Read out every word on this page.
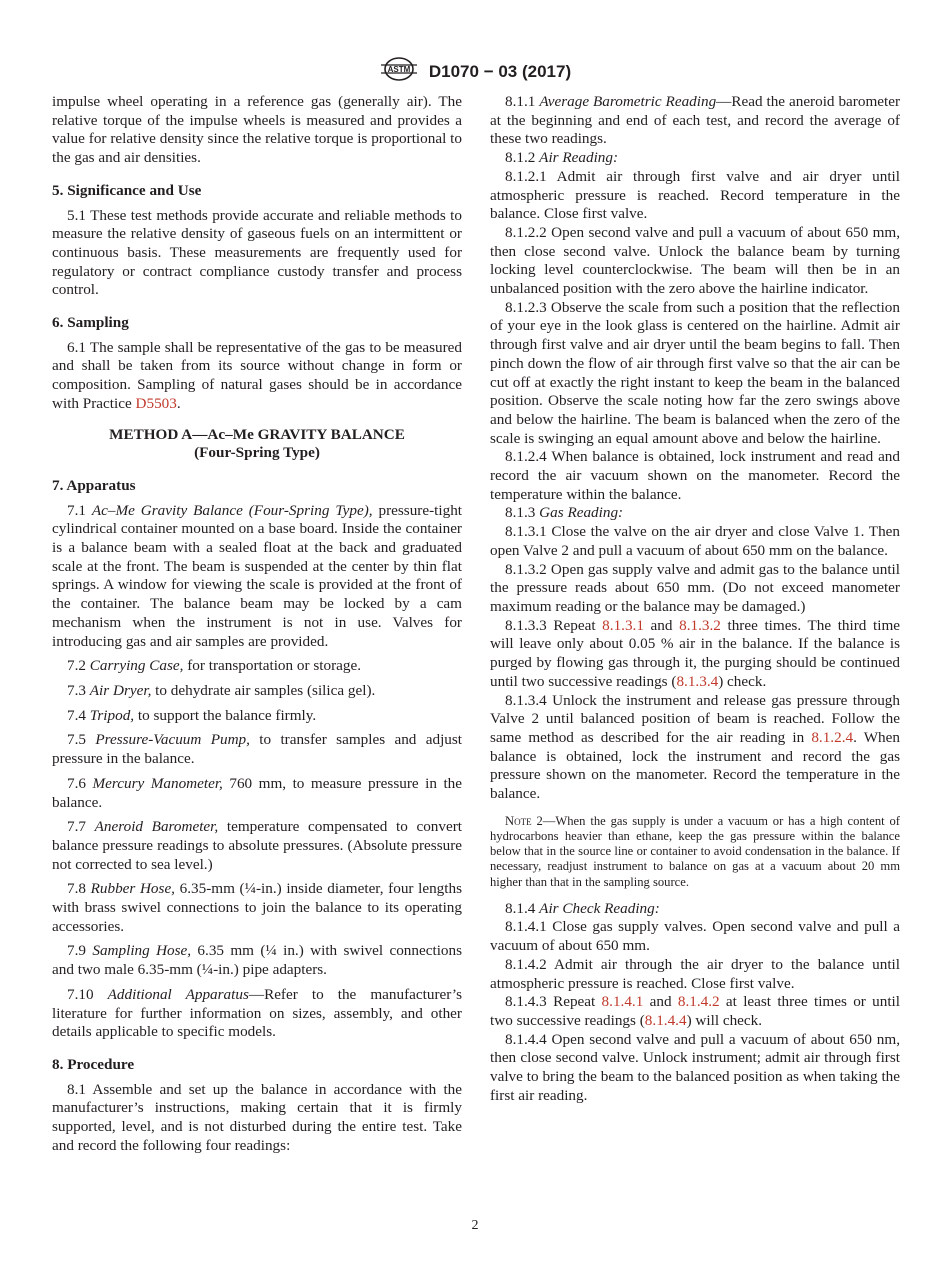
ASTM D1070 − 03 (2017)

impulse wheel operating in a reference gas (generally air). The relative torque of the impulse wheels is measured and provides a value for relative density since the relative torque is proportional to the gas and air densities.

5. Significance and Use

5.1 These test methods provide accurate and reliable methods to measure the relative density of gaseous fuels on an intermittent or continuous basis. These measurements are frequently used for regulatory or contract compliance custody transfer and process control.

6. Sampling

6.1 The sample shall be representative of the gas to be measured and shall be taken from its source without change in form or composition. Sampling of natural gases should be in accordance with Practice D5503.

METHOD A—Ac–Me GRAVITY BALANCE
(Four-Spring Type)
7. Apparatus

7.1 Ac–Me Gravity Balance (Four-Spring Type), pressure-tight cylindrical container mounted on a base board. Inside the container is a balance beam with a sealed float at the back and graduated scale at the front. The beam is suspended at the center by thin flat springs. A window for viewing the scale is provided at the front of the container. The balance beam may be locked by a cam mechanism when the instrument is not in use. Valves for introducing gas and air samples are provided.

7.2 Carrying Case, for transportation or storage.

7.3 Air Dryer, to dehydrate air samples (silica gel).

7.4 Tripod, to support the balance firmly.

7.5 Pressure-Vacuum Pump, to transfer samples and adjust pressure in the balance.

7.6 Mercury Manometer, 760 mm, to measure pressure in the balance.

7.7 Aneroid Barometer, temperature compensated to convert balance pressure readings to absolute pressures. (Absolute pressure not corrected to sea level.)

7.8 Rubber Hose, 6.35-mm (¼-in.) inside diameter, four lengths with brass swivel connections to join the balance to its operating accessories.

7.9 Sampling Hose, 6.35 mm (¼ in.) with swivel connections and two male 6.35-mm (¼-in.) pipe adapters.

7.10 Additional Apparatus—Refer to the manufacturer’s literature for further information on sizes, assembly, and other details applicable to specific models.

8. Procedure

8.1 Assemble and set up the balance in accordance with the manufacturer’s instructions, making certain that it is firmly supported, level, and is not disturbed during the entire test. Take and record the following four readings:

8.1.1 Average Barometric Reading—Read the aneroid barometer at the beginning and end of each test, and record the average of these two readings.

8.1.2 Air Reading:

8.1.2.1 Admit air through first valve and air dryer until atmospheric pressure is reached. Record temperature in the balance. Close first valve.

8.1.2.2 Open second valve and pull a vacuum of about 650 mm, then close second valve. Unlock the balance beam by turning locking level counterclockwise. The beam will then be in an unbalanced position with the zero above the hairline indicator.

8.1.2.3 Observe the scale from such a position that the reflection of your eye in the look glass is centered on the hairline. Admit air through first valve and air dryer until the beam begins to fall. Then pinch down the flow of air through first valve so that the air can be cut off at exactly the right instant to keep the beam in the balanced position. Observe the scale noting how far the zero swings above and below the hairline. The beam is balanced when the zero of the scale is swinging an equal amount above and below the hairline.

8.1.2.4 When balance is obtained, lock instrument and read and record the air vacuum shown on the manometer. Record the temperature within the balance.

8.1.3 Gas Reading:

8.1.3.1 Close the valve on the air dryer and close Valve 1. Then open Valve 2 and pull a vacuum of about 650 mm on the balance.

8.1.3.2 Open gas supply valve and admit gas to the balance until the pressure reads about 650 mm. (Do not exceed manometer maximum reading or the balance may be damaged.)

8.1.3.3 Repeat 8.1.3.1 and 8.1.3.2 three times. The third time will leave only about 0.05 % air in the balance. If the balance is purged by flowing gas through it, the purging should be continued until two successive readings (8.1.3.4) check.

8.1.3.4 Unlock the instrument and release gas pressure through Valve 2 until balanced position of beam is reached. Follow the same method as described for the air reading in 8.1.2.4. When balance is obtained, lock the instrument and record the gas pressure shown on the manometer. Record the temperature in the balance.

Note 2—When the gas supply is under a vacuum or has a high content of hydrocarbons heavier than ethane, keep the gas pressure within the balance below that in the source line or container to avoid condensation in the balance. If necessary, readjust instrument to balance on gas at a vacuum about 20 mm higher than that in the sampling source.

8.1.4 Air Check Reading:

8.1.4.1 Close gas supply valves. Open second valve and pull a vacuum of about 650 mm.

8.1.4.2 Admit air through the air dryer to the balance until atmospheric pressure is reached. Close first valve.

8.1.4.3 Repeat 8.1.4.1 and 8.1.4.2 at least three times or until two successive readings (8.1.4.4) will check.

8.1.4.4 Open second valve and pull a vacuum of about 650 nm, then close second valve. Unlock instrument; admit air through first valve to bring the beam to the balanced position as when taking the first air reading.

2
